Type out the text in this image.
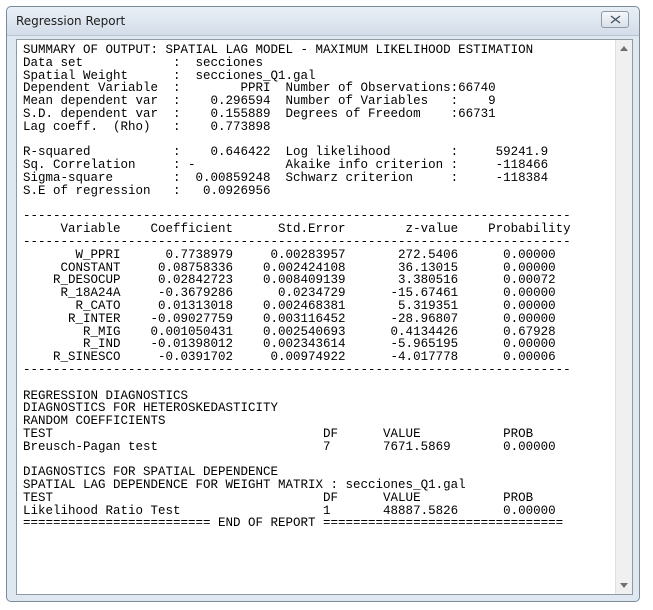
Regression Report
SUMMARY OF OUTPUT: SPATIAL LAG MODEL - MAXIMUM LIKELIHOOD ESTIMATION
Data set            :  secciones
Spatial Weight      :  secciones_Q1.gal
Dependent Variable  :        PPRI  Number of Observations:66740
Mean dependent var  :    0.296594  Number of Variables   :    9
S.D. dependent var  :    0.155889  Degrees of Freedom    :66731
Lag coeff.  (Rho)   :    0.773898
R-squared           :    0.646422  Log likelihood        :     59241.9
Sq. Correlation     : -            Akaike info criterion :     -118466
Sigma-square        :  0.00859248  Schwarz criterion     :     -118384
S.E of regression   :   0.0926956
-------------------------------------------------------------------------
Variable    Coefficient      Std.Error        z-value    Probability
-------------------------------------------------------------------------
W_PPRI      0.7738979     0.00283957       272.5406      0.00000
CONSTANT     0.08758336    0.002424108       36.13015      0.00000
R_DESOCUP     0.02842723    0.008409139       3.380516      0.00072
R_18A24A     -0.3679286      0.0234729      -15.67461      0.00000
R_CATO     0.01313018    0.002468381       5.319351      0.00000
R_INTER    -0.09027759    0.003116452      -28.96807      0.00000
R_MIG    0.001050431    0.002540693      0.4134426      0.67928
R_IND    -0.01398012    0.002343614      -5.965195      0.00000
R_SINESCO     -0.0391702     0.00974922      -4.017778      0.00006
-------------------------------------------------------------------------
REGRESSION DIAGNOSTICS
DIAGNOSTICS FOR HETEROSKEDASTICITY
RANDOM COEFFICIENTS
TEST                                    DF      VALUE           PROB
Breusch-Pagan test                      7       7671.5869       0.00000
DIAGNOSTICS FOR SPATIAL DEPENDENCE
SPATIAL LAG DEPENDENCE FOR WEIGHT MATRIX : secciones_Q1.gal
TEST                                    DF      VALUE           PROB
Likelihood Ratio Test                   1       48887.5826      0.00000
========================= END OF REPORT ================================
